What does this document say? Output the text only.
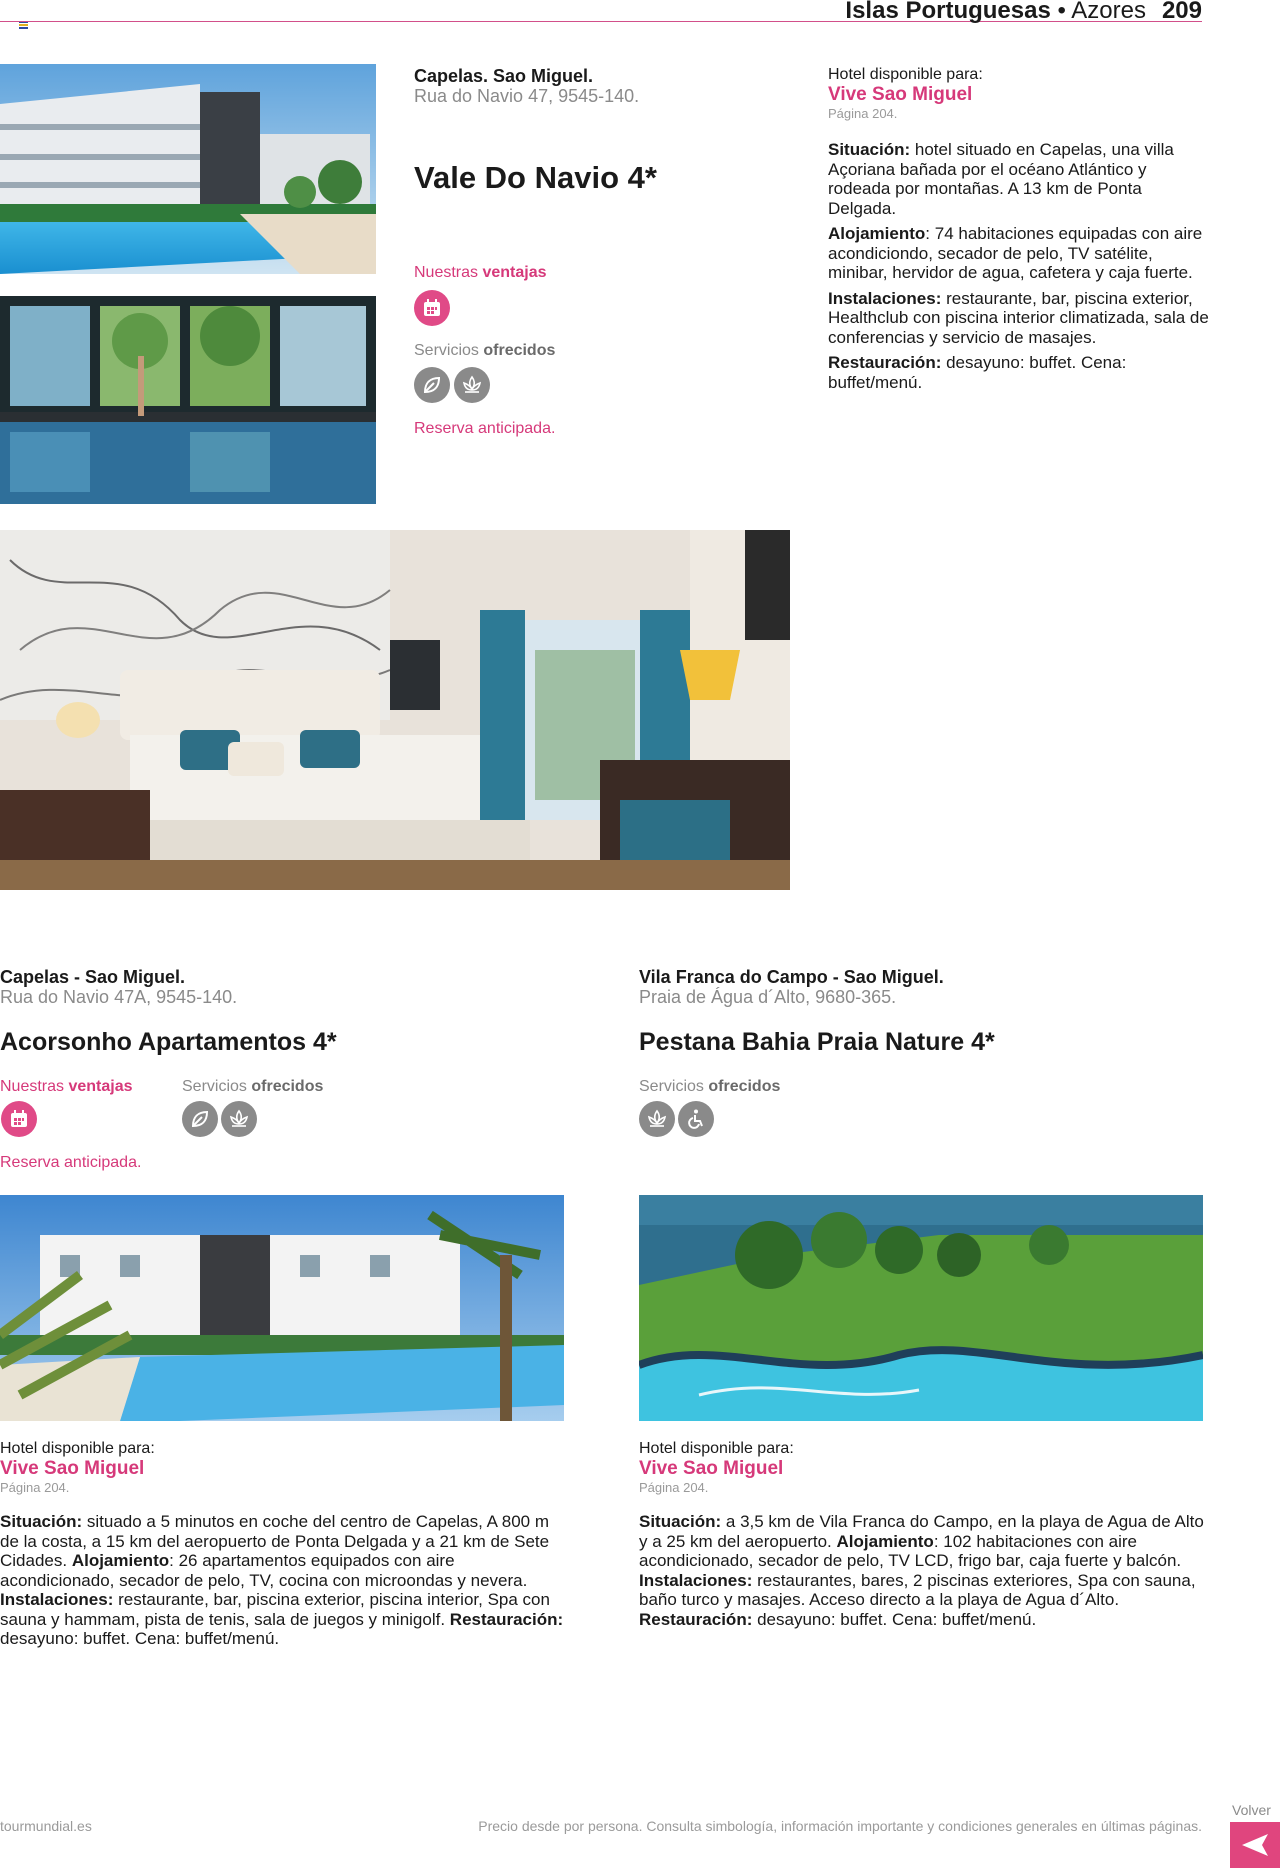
Islas Portuguesas • Azores 209
Capelas. Sao Miguel.
Rua do Navio 47, 9545-140.
Vale Do Navio 4*
Nuestras ventajas
Servicios ofrecidos
Reserva anticipada.
Hotel disponible para:
Vive Sao Miguel
Página 204.

Situación: hotel situado en Capelas, una villa Açoriana bañada por el océano Atlántico y rodeada por montañas. A 13 km de Ponta Delgada.

Alojamiento: 74 habitaciones equipadas con aire acondiciondo, secador de pelo, TV satélite, minibar, hervidor de agua, cafetera y caja fuerte.

Instalaciones: restaurante, bar, piscina exterior, Healthclub con piscina interior climatizada, sala de conferencias y servicio de masajes.

Restauración: desayuno: buffet. Cena: buffet/menú.

Capelas - Sao Miguel.
Rua do Navio 47A, 9545-140.
Acorsonho Apartamentos 4*
Nuestras ventajas	Servicios ofrecidos
Reserva anticipada.
Hotel disponible para:
Vive Sao Miguel
Página 204.

Situación: situado a 5 minutos en coche del centro de Capelas, A 800 m de la costa, a 15 km del aeropuerto de Ponta Delgada y a 21 km de Sete Cidades. Alojamiento: 26 apartamentos equipados con aire acondicionado, secador de pelo, TV, cocina con microondas y nevera. Instalaciones: restaurante, bar, piscina exterior, piscina interior, Spa con sauna y hammam, pista de tenis, sala de juegos y minigolf. Restauración: desayuno: buffet. Cena: buffet/menú.

Vila Franca do Campo - Sao Miguel.
Praia de Água d´Alto, 9680-365.
Pestana Bahia Praia Nature 4*
Servicios ofrecidos
Hotel disponible para:
Vive Sao Miguel
Página 204.

Situación: a 3,5 km de Vila Franca do Campo, en la playa de Agua de Alto y a 25 km del aeropuerto. Alojamiento: 102 habitaciones con aire acondicionado, secador de pelo, TV LCD, frigo bar, caja fuerte y balcón. Instalaciones: restaurantes, bares, 2 piscinas exteriores, Spa con sauna, baño turco y masajes. Acceso directo a la playa de Agua d´Alto. Restauración: desayuno: buffet. Cena: buffet/menú.

tourmundial.es	Precio desde por persona. Consulta simbología, información importante y condiciones generales en últimas páginas.
Volver
